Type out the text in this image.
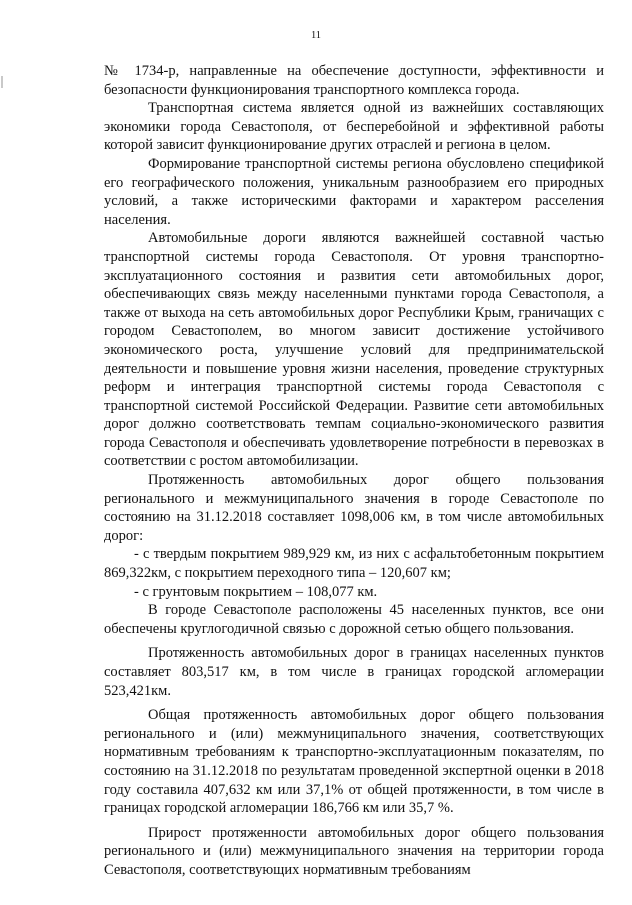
11

№ 1734-р, направленные на обеспечение доступности, эффективности и безопасности функционирования транспортного комплекса города.

Транспортная система является одной из важнейших составляющих экономики города Севастополя, от бесперебойной и эффективной работы которой зависит функционирование других отраслей и региона в целом.

Формирование транспортной системы региона обусловлено спецификой его географического положения, уникальным разнообразием его природных условий, а также историческими факторами и характером расселения населения.

Автомобильные дороги являются важнейшей составной частью транспортной системы города Севастополя. От уровня транспортно-эксплуатационного состояния и развития сети автомобильных дорог, обеспечивающих связь между населенными пунктами города Севастополя, а также от выхода на сеть автомобильных дорог Республики Крым, граничащих с городом Севастополем, во многом зависит достижение устойчивого экономического роста, улучшение условий для предпринимательской деятельности и повышение уровня жизни населения, проведение структурных реформ и интеграция транспортной системы города Севастополя с транспортной системой Российской Федерации. Развитие сети автомобильных дорог должно соответствовать темпам социально-экономического развития города Севастополя и обеспечивать удовлетворение потребности в перевозках в соответствии с ростом автомобилизации.

Протяженность автомобильных дорог общего пользования регионального и межмуниципального значения в городе Севастополе по состоянию на 31.12.2018 составляет 1098,006 км, в том числе автомобильных дорог:

- с твердым покрытием 989,929 км, из них с асфальтобетонным покрытием 869,322км, с покрытием переходного типа – 120,607 км;

- с грунтовым покрытием – 108,077 км.

В городе Севастополе расположены 45 населенных пунктов, все они обеспечены круглогодичной связью с дорожной сетью общего пользования.

Протяженность автомобильных дорог в границах населенных пунктов составляет 803,517 км, в том числе в границах городской агломерации 523,421км.

Общая протяженность автомобильных дорог общего пользования регионального и (или) межмуниципального значения, соответствующих нормативным требованиям к транспортно-эксплуатационным показателям, по состоянию на 31.12.2018 по результатам проведенной экспертной оценки в 2018 году составила 407,632 км или 37,1% от общей протяженности, в том числе в границах городской агломерации 186,766 км или 35,7 %.

Прирост протяженности автомобильных дорог общего пользования регионального и (или) межмуниципального значения на территории города Севастополя, соответствующих нормативным требованиям
